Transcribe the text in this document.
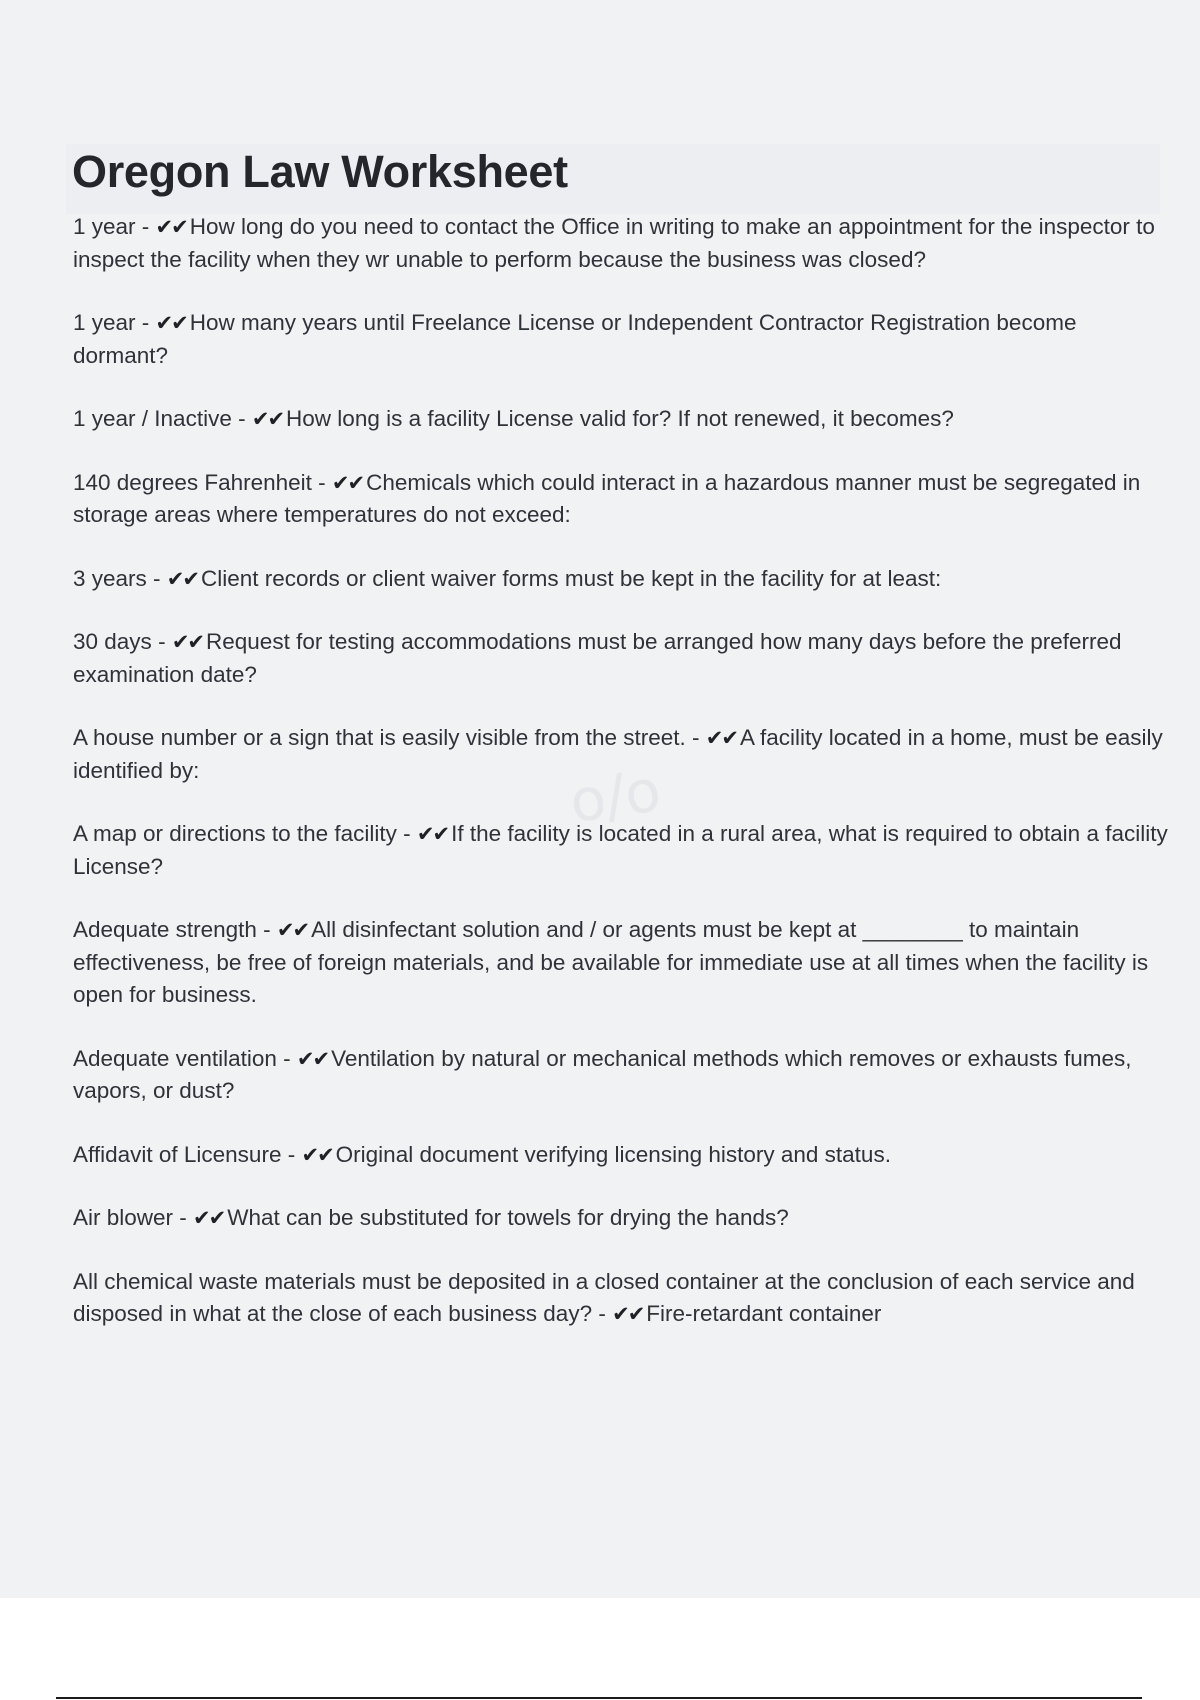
Oregon Law Worksheet
o/o
1 year - ✔✔ How long do you need to contact the Office in writing to make an appointment for the inspector to inspect the facility when they wr unable to perform because the business was closed?
1 year - ✔✔ How many years until Freelance License or Independent Contractor Registration become dormant?
1 year / Inactive - ✔✔ How long is a facility License valid for? If not renewed, it becomes?
140 degrees Fahrenheit - ✔✔ Chemicals which could interact in a hazardous manner must be segregated in storage areas where temperatures do not exceed:
3 years - ✔✔ Client records or client waiver forms must be kept in the facility for at least:
30 days - ✔✔ Request for testing accommodations must be arranged how many days before the preferred examination date?
A house number or a sign that is easily visible from the street. - ✔✔ A facility located in a home, must be easily identified by:
A map or directions to the facility - ✔✔ If the facility is located in a rural area, what is required to obtain a facility License?
Adequate strength - ✔✔ All disinfectant solution and / or agents must be kept at ________ to maintain effectiveness, be free of foreign materials, and be available for immediate use at all times when the facility is open for business.
Adequate ventilation - ✔✔ Ventilation by natural or mechanical methods which removes or exhausts fumes, vapors, or dust?
Affidavit of Licensure - ✔✔ Original document verifying licensing history and status.
Air blower - ✔✔ What can be substituted for towels for drying the hands?
All chemical waste materials must be deposited in a closed container at the conclusion of each service and disposed in what at the close of each business day? - ✔✔ Fire-retardant container
